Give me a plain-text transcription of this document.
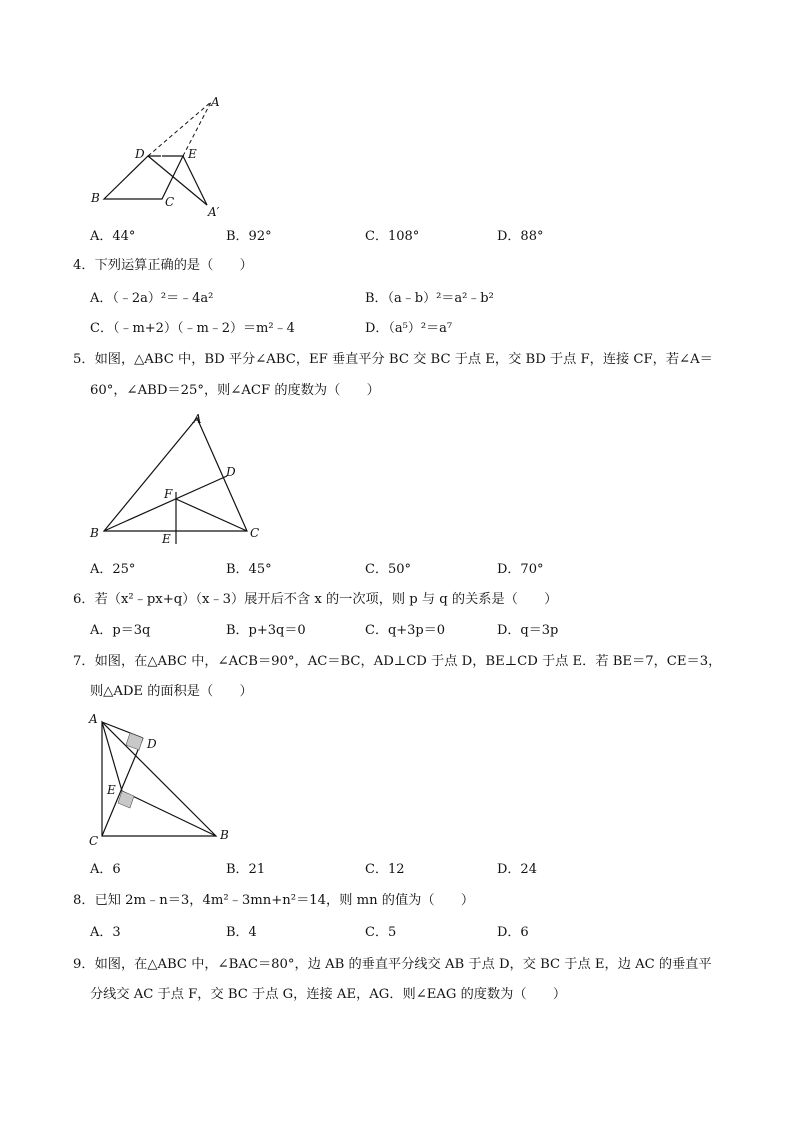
A
D	E
B	C
A′
A．44°	B．92°	C．108°	D．88°
4．下列运算正确的是（　　）
A．（﹣2a）²＝﹣4a²	B．（a﹣b）²＝a²﹣b²
C．（﹣m+2）（﹣m﹣2）＝m²﹣4	D．（a⁵）²＝a⁷
5．如图，△ABC 中，BD 平分∠ABC，EF 垂直平分 BC 交 BC 于点 E，交 BD 于点 F，连接 CF，若∠A＝
60°，∠ABD＝25°，则∠ACF 的度数为（　　）
A
D
F
B	C
E
A．25°	B．45°	C．50°	D．70°
6．若（x²﹣px+q）（x﹣3）展开后不含 x 的一次项，则 p 与 q 的关系是（　　）
A．p＝3q	B．p+3q＝0	C．q+3p＝0	D．q＝3p
7．如图，在△ABC 中，∠ACB＝90°，AC＝BC，AD⊥CD 于点 D，BE⊥CD 于点 E．若 BE＝7，CE＝3，
则△ADE 的面积是（　　）
A
D
E
C	B
A．6	B．21	C．12	D．24
8．已知 2m﹣n＝3，4m²﹣3mn+n²＝14，则 mn 的值为（　　）
A．3	B．4	C．5	D．6
9．如图，在△ABC 中，∠BAC＝80°，边 AB 的垂直平分线交 AB 于点 D，交 BC 于点 E，边 AC 的垂直平
分线交 AC 于点 F，交 BC 于点 G，连接 AE，AG．则∠EAG 的度数为（　　）
